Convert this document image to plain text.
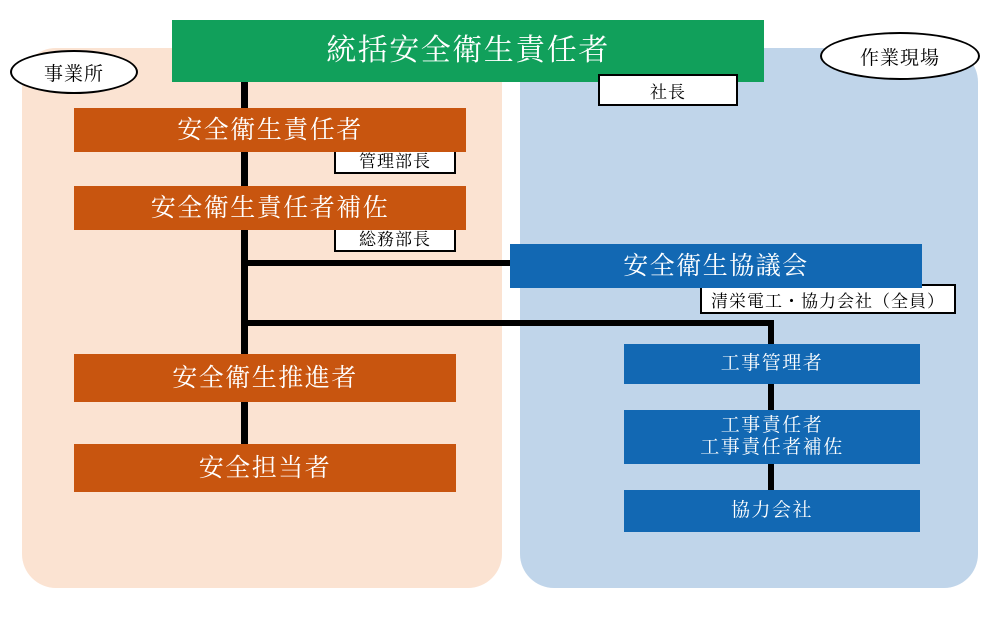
統括安全衛生責任者
事業所
作業現場
社長
管理部長
総務部長
清栄電工・協力会社（全員）
安全衛生責任者
安全衛生責任者補佐
安全衛生推進者
安全担当者
安全衛生協議会
工事管理者
工事責任者
工事責任者補佐
協力会社
